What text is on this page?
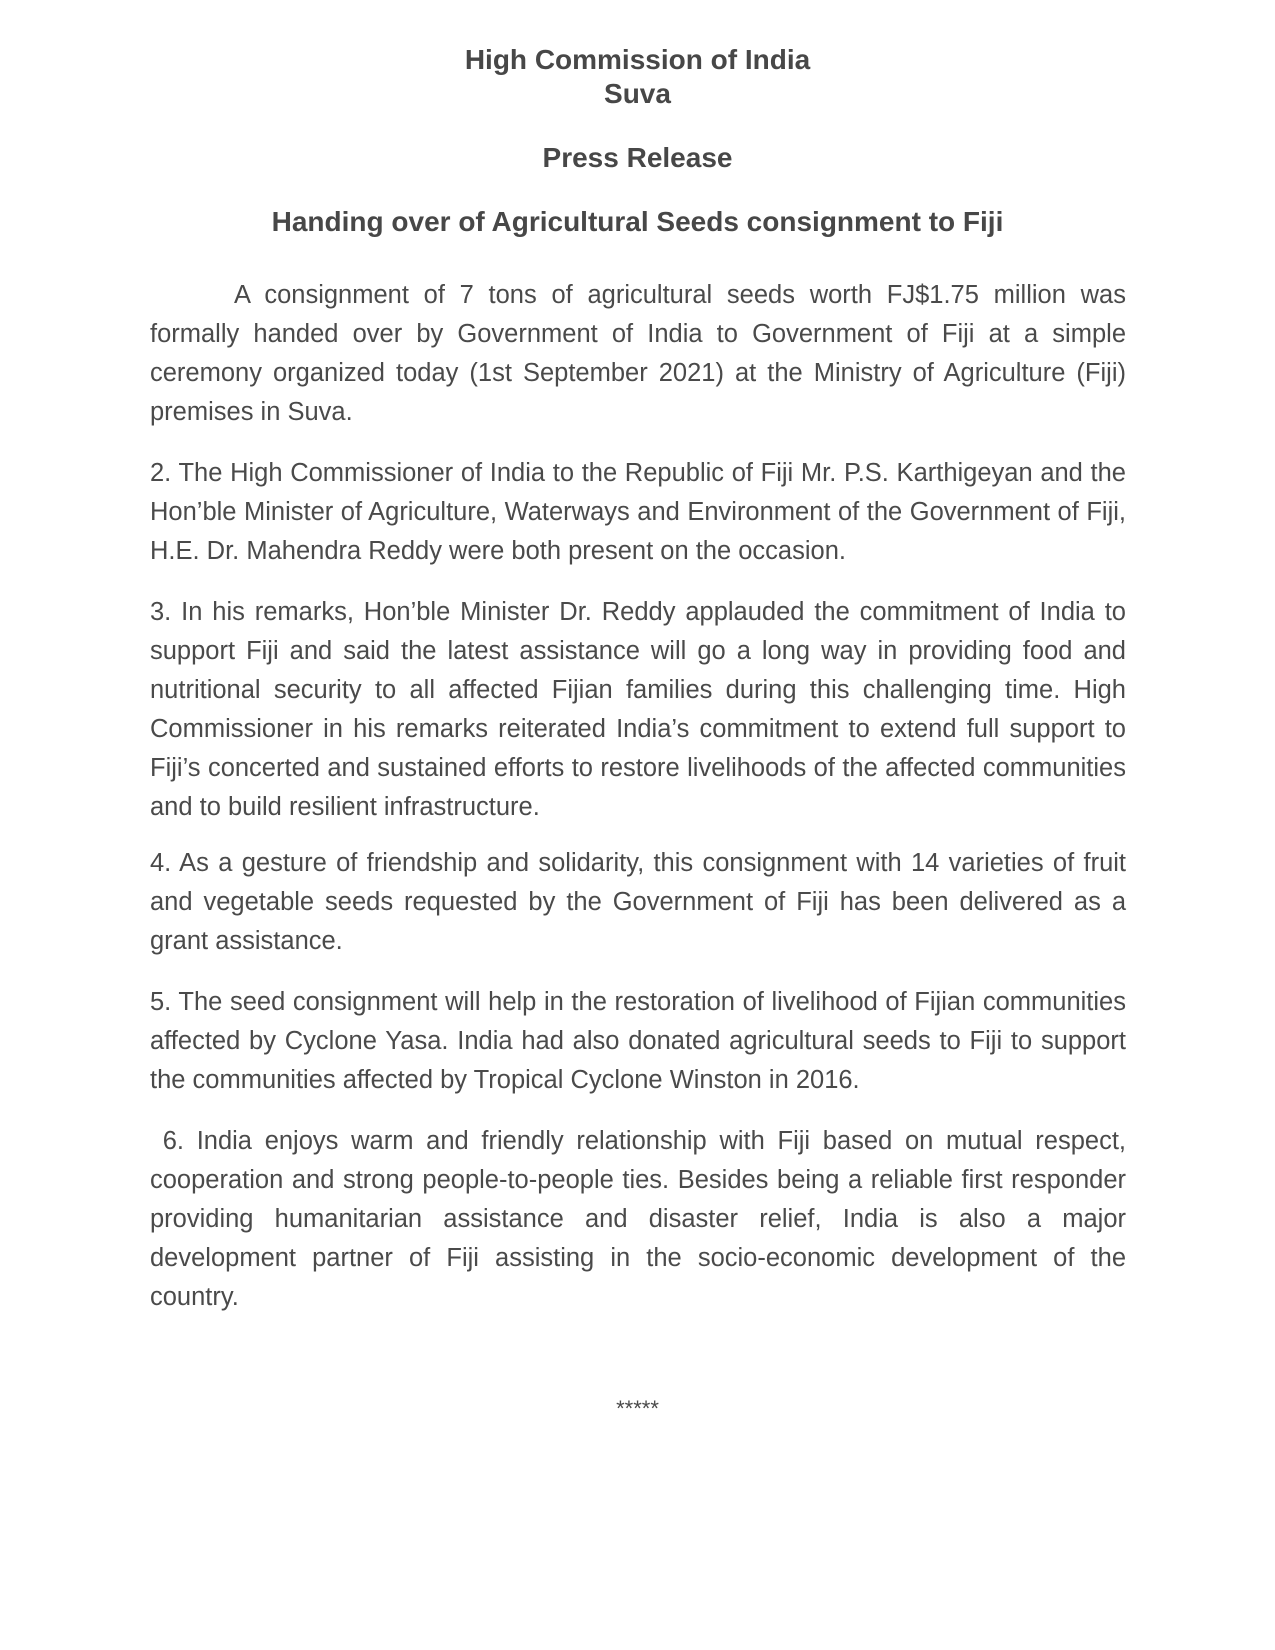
High Commission of India
Suva
Press Release
Handing over of Agricultural Seeds consignment to Fiji
A consignment of 7 tons of agricultural seeds worth FJ$1.75 million was formally handed over by Government of India to Government of Fiji at a simple ceremony organized today (1st September 2021) at the Ministry of Agriculture (Fiji) premises in Suva.
2. The High Commissioner of India to the Republic of Fiji Mr. P.S. Karthigeyan and the Hon’ble Minister of Agriculture, Waterways and Environment of the Government of Fiji, H.E. Dr. Mahendra Reddy were both present on the occasion.
3. In his remarks, Hon’ble Minister Dr. Reddy applauded the commitment of India to support Fiji and said the latest assistance will go a long way in providing food and nutritional security to all affected Fijian families during this challenging time. High Commissioner in his remarks reiterated India’s commitment to extend full support to Fiji’s concerted and sustained efforts to restore livelihoods of the affected communities and to build resilient infrastructure.
4. As a gesture of friendship and solidarity, this consignment with 14 varieties of fruit and vegetable seeds requested by the Government of Fiji has been delivered as a grant assistance.
5. The seed consignment will help in the restoration of livelihood of Fijian communities affected by Cyclone Yasa. India had also donated agricultural seeds to Fiji to support the communities affected by Tropical Cyclone Winston in 2016.
6. India enjoys warm and friendly relationship with Fiji based on mutual respect, cooperation and strong people-to-people ties. Besides being a reliable first responder providing humanitarian assistance and disaster relief, India is also a major development partner of Fiji assisting in the socio-economic development of the country.
*****
